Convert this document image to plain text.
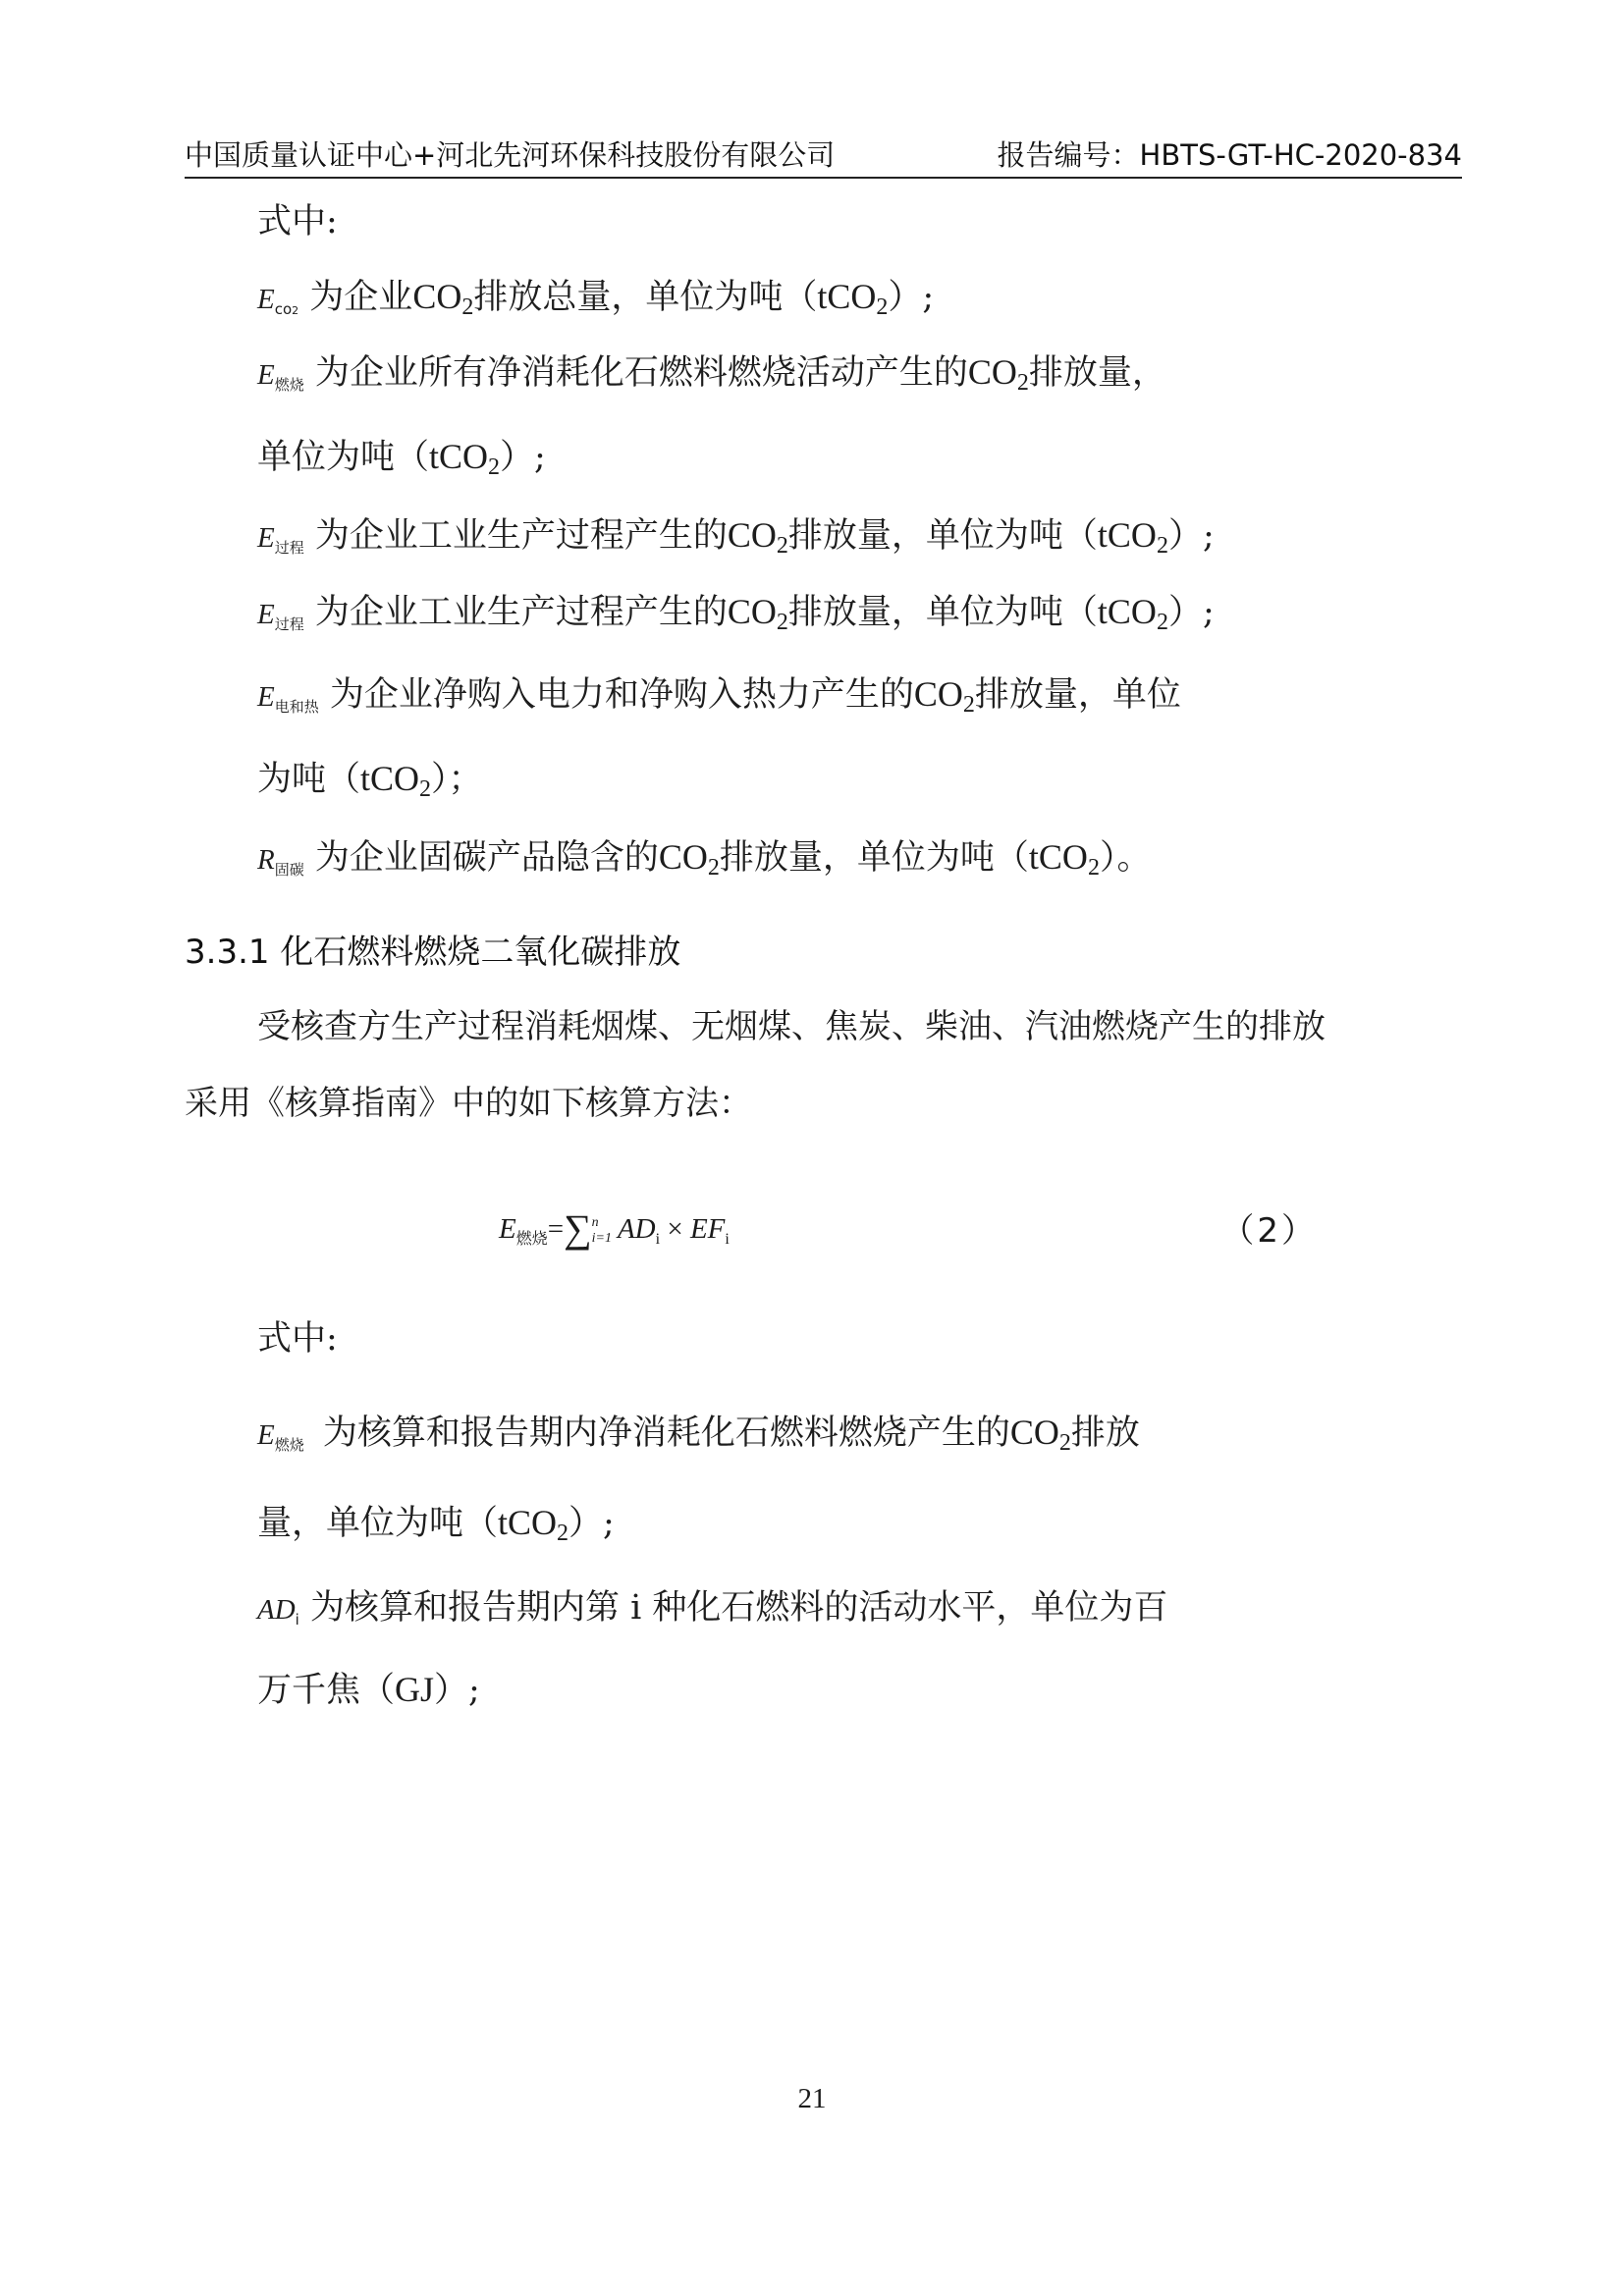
中国质量认证中心+河北先河环保科技股份有限公司	报告编号：HBTS-GT-HC-2020-834
式中:
$E_{co2}$ 为企业$CO_2$排放总量，单位为吨（tCO$_2$）;
$E_{燃烧}$ 为企业所有净消耗化石燃料燃烧活动产生的$CO_2$排放量，
单位为吨（tCO$_2$）;
$E_{过程}$ 为企业工业生产过程产生的$CO_2$排放量，单位为吨（tCO$_2$）;
$E_{过程}$ 为企业工业生产过程产生的$CO_2$排放量，单位为吨（tCO$_2$）;
$E_{电和热}$ 为企业净购入电力和净购入热力产生的$CO_2$排放量，单位
为吨（tCO$_2$）；
$R_{固碳}$ 为企业固碳产品隐含的$CO_2$排放量，单位为吨（tCO$_2$）。
3.3.1 化石燃料燃烧二氧化碳排放
受核查方生产过程消耗烟煤、无烟煤、焦炭、柴油、汽油燃烧产生的排放
采用《核算指南》中的如下核算方法：
$E_{燃烧}=\sum n$
i=1 $AD_i \times EF_i$	（2）
式中:
$E_{燃烧}$ 为核算和报告期内净消耗化石燃料燃烧产生的$CO_2$排放
量，单位为吨（tCO$_2$）;
$AD_i$ 为核算和报告期内第 i 种化石燃料的活动水平，单位为百
万千焦（GJ）;
21
